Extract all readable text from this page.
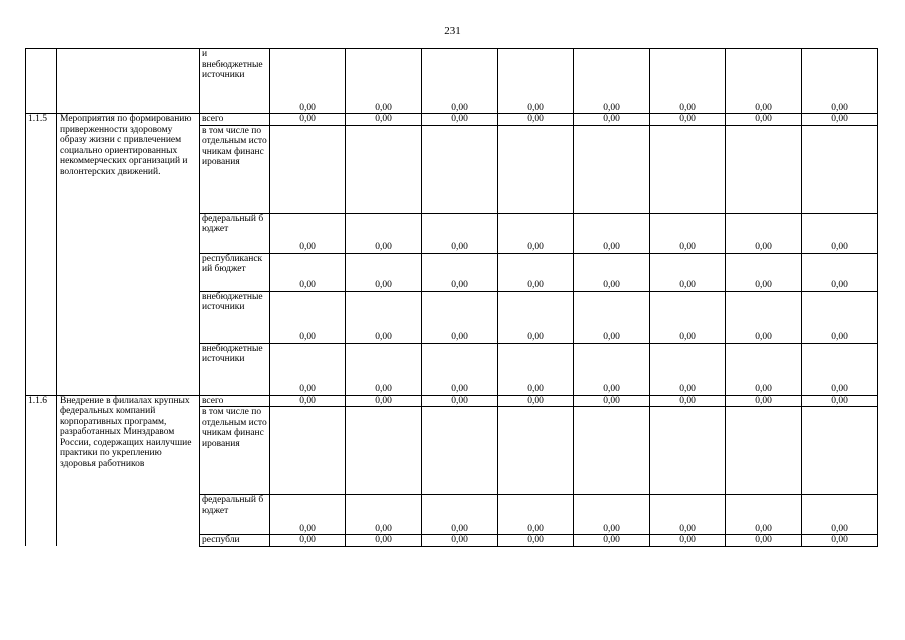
231
		и								
		внебюджетные источники	0,00	0,00	0,00	0,00	0,00	0,00	0,00	0,00
1.1.5	Мероприятия по формированию приверженности здоровому образу жизни с привлечением социально ориентированных некоммерческих организаций и волонтерских движений.	всего	0,00	0,00	0,00	0,00	0,00	0,00	0,00	0,00
		в том числе по отдельным источникам финансирования								
		федеральный бюджет	0,00	0,00	0,00	0,00	0,00	0,00	0,00	0,00
		республиканский бюджет	0,00	0,00	0,00	0,00	0,00	0,00	0,00	0,00
		внебюджетные источники	0,00	0,00	0,00	0,00	0,00	0,00	0,00	0,00
		внебюджетные источники	0,00	0,00	0,00	0,00	0,00	0,00	0,00	0,00
1.1.6	Внедрение в филиалах крупных федеральных компаний корпоративных программ, разработанных Минздравом России, содержащих наилучшие практики по укреплению здоровья работников	всего	0,00	0,00	0,00	0,00	0,00	0,00	0,00	0,00
		в том числе по отдельным источникам финансирования								
		федеральный бюджет	0,00	0,00	0,00	0,00	0,00	0,00	0,00	0,00
		республи	0,00	0,00	0,00	0,00	0,00	0,00	0,00	0,00
